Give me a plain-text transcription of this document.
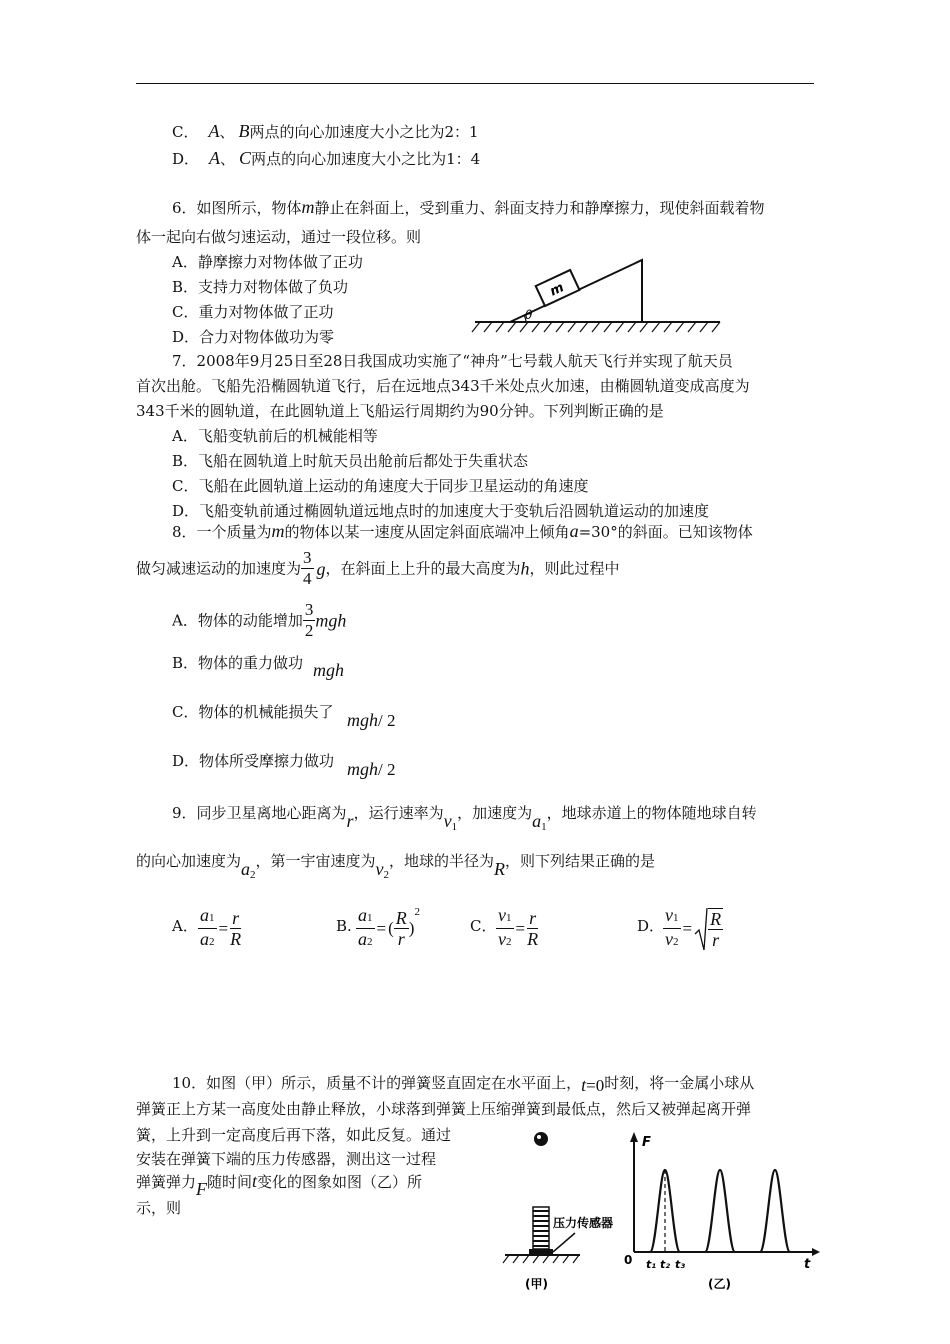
C． A、 B两点的向心加速度大小之比为2：1
D． A、 C两点的向心加速度大小之比为1：4
6．如图所示，物体m静止在斜面上，受到重力、斜面支持力和静摩擦力，现使斜面载着物
体一起向右做匀速运动，通过一段位移。则
A．静摩擦力对物体做了正功
B．支持力对物体做了负功
C．重力对物体做了正功
D．合力对物体做功为零
m
θ
7．2008年9月25日至28日我国成功实施了“神舟”七号载人航天飞行并实现了航天员
首次出舱。飞船先沿椭圆轨道飞行，后在远地点343千米处点火加速，由椭圆轨道变成高度为
343千米的圆轨道，在此圆轨道上飞船运行周期约为90分钟。下列判断正确的是
A．飞船变轨前后的机械能相等
B．飞船在圆轨道上时航天员出舱前后都处于失重状态
C．飞船在此圆轨道上运动的角速度大于同步卫星运动的角速度
D．飞船变轨前通过椭圆轨道远地点时的加速度大于变轨后沿圆轨道运动的加速度
8．一个质量为m的物体以某一速度从固定斜面底端冲上倾角a=30°的斜面。已知该物体
做匀减速运动的加速度为 $\frac{3}{4}$ g，在斜面上上升的最大高度为h，则此过程中
A．物体的动能增加 $\frac{3}{2}$ mgh
B．物体的重力做功 mgh
C．物体的机械能损失了 mgh/ 2
D．物体所受摩擦力做功 mgh/ 2
9．同步卫星离地心距离为r，运行速率为$v_1$，加速度为$a_1$，地球赤道上的物体随地球自转
的向心加速度为$a_2$，第一宇宙速度为$v_2$，地球的半径为R，则下列结果正确的是
A． $\frac{a1}{a2} = \frac{r}{R}$	B. $\frac{a1}{a2}$ = ( $\frac{R}{r} )^2$
C． $\frac{v1}{v2} = \frac{r}{R}$	D．
$\frac{v1}{v2} = \frac{R}{r}$
10．如图（甲）所示，质量不计的弹簧竖直固定在水平面上，t=0时刻，将一金属小球从
弹簧正上方某一高度处由静止释放，小球落到弹簧上压缩弹簧到最低点，然后又被弹起离开弹
簧，上升到一定高度后再下落，如此反复。通过
安装在弹簧下端的压力传感器，测出这一过程
弹簧弹力F随时间t变化的图象如图（乙）所
示，则
压力传感器
(甲)
F
t
0 t₁ t₂ t₃
(乙)
